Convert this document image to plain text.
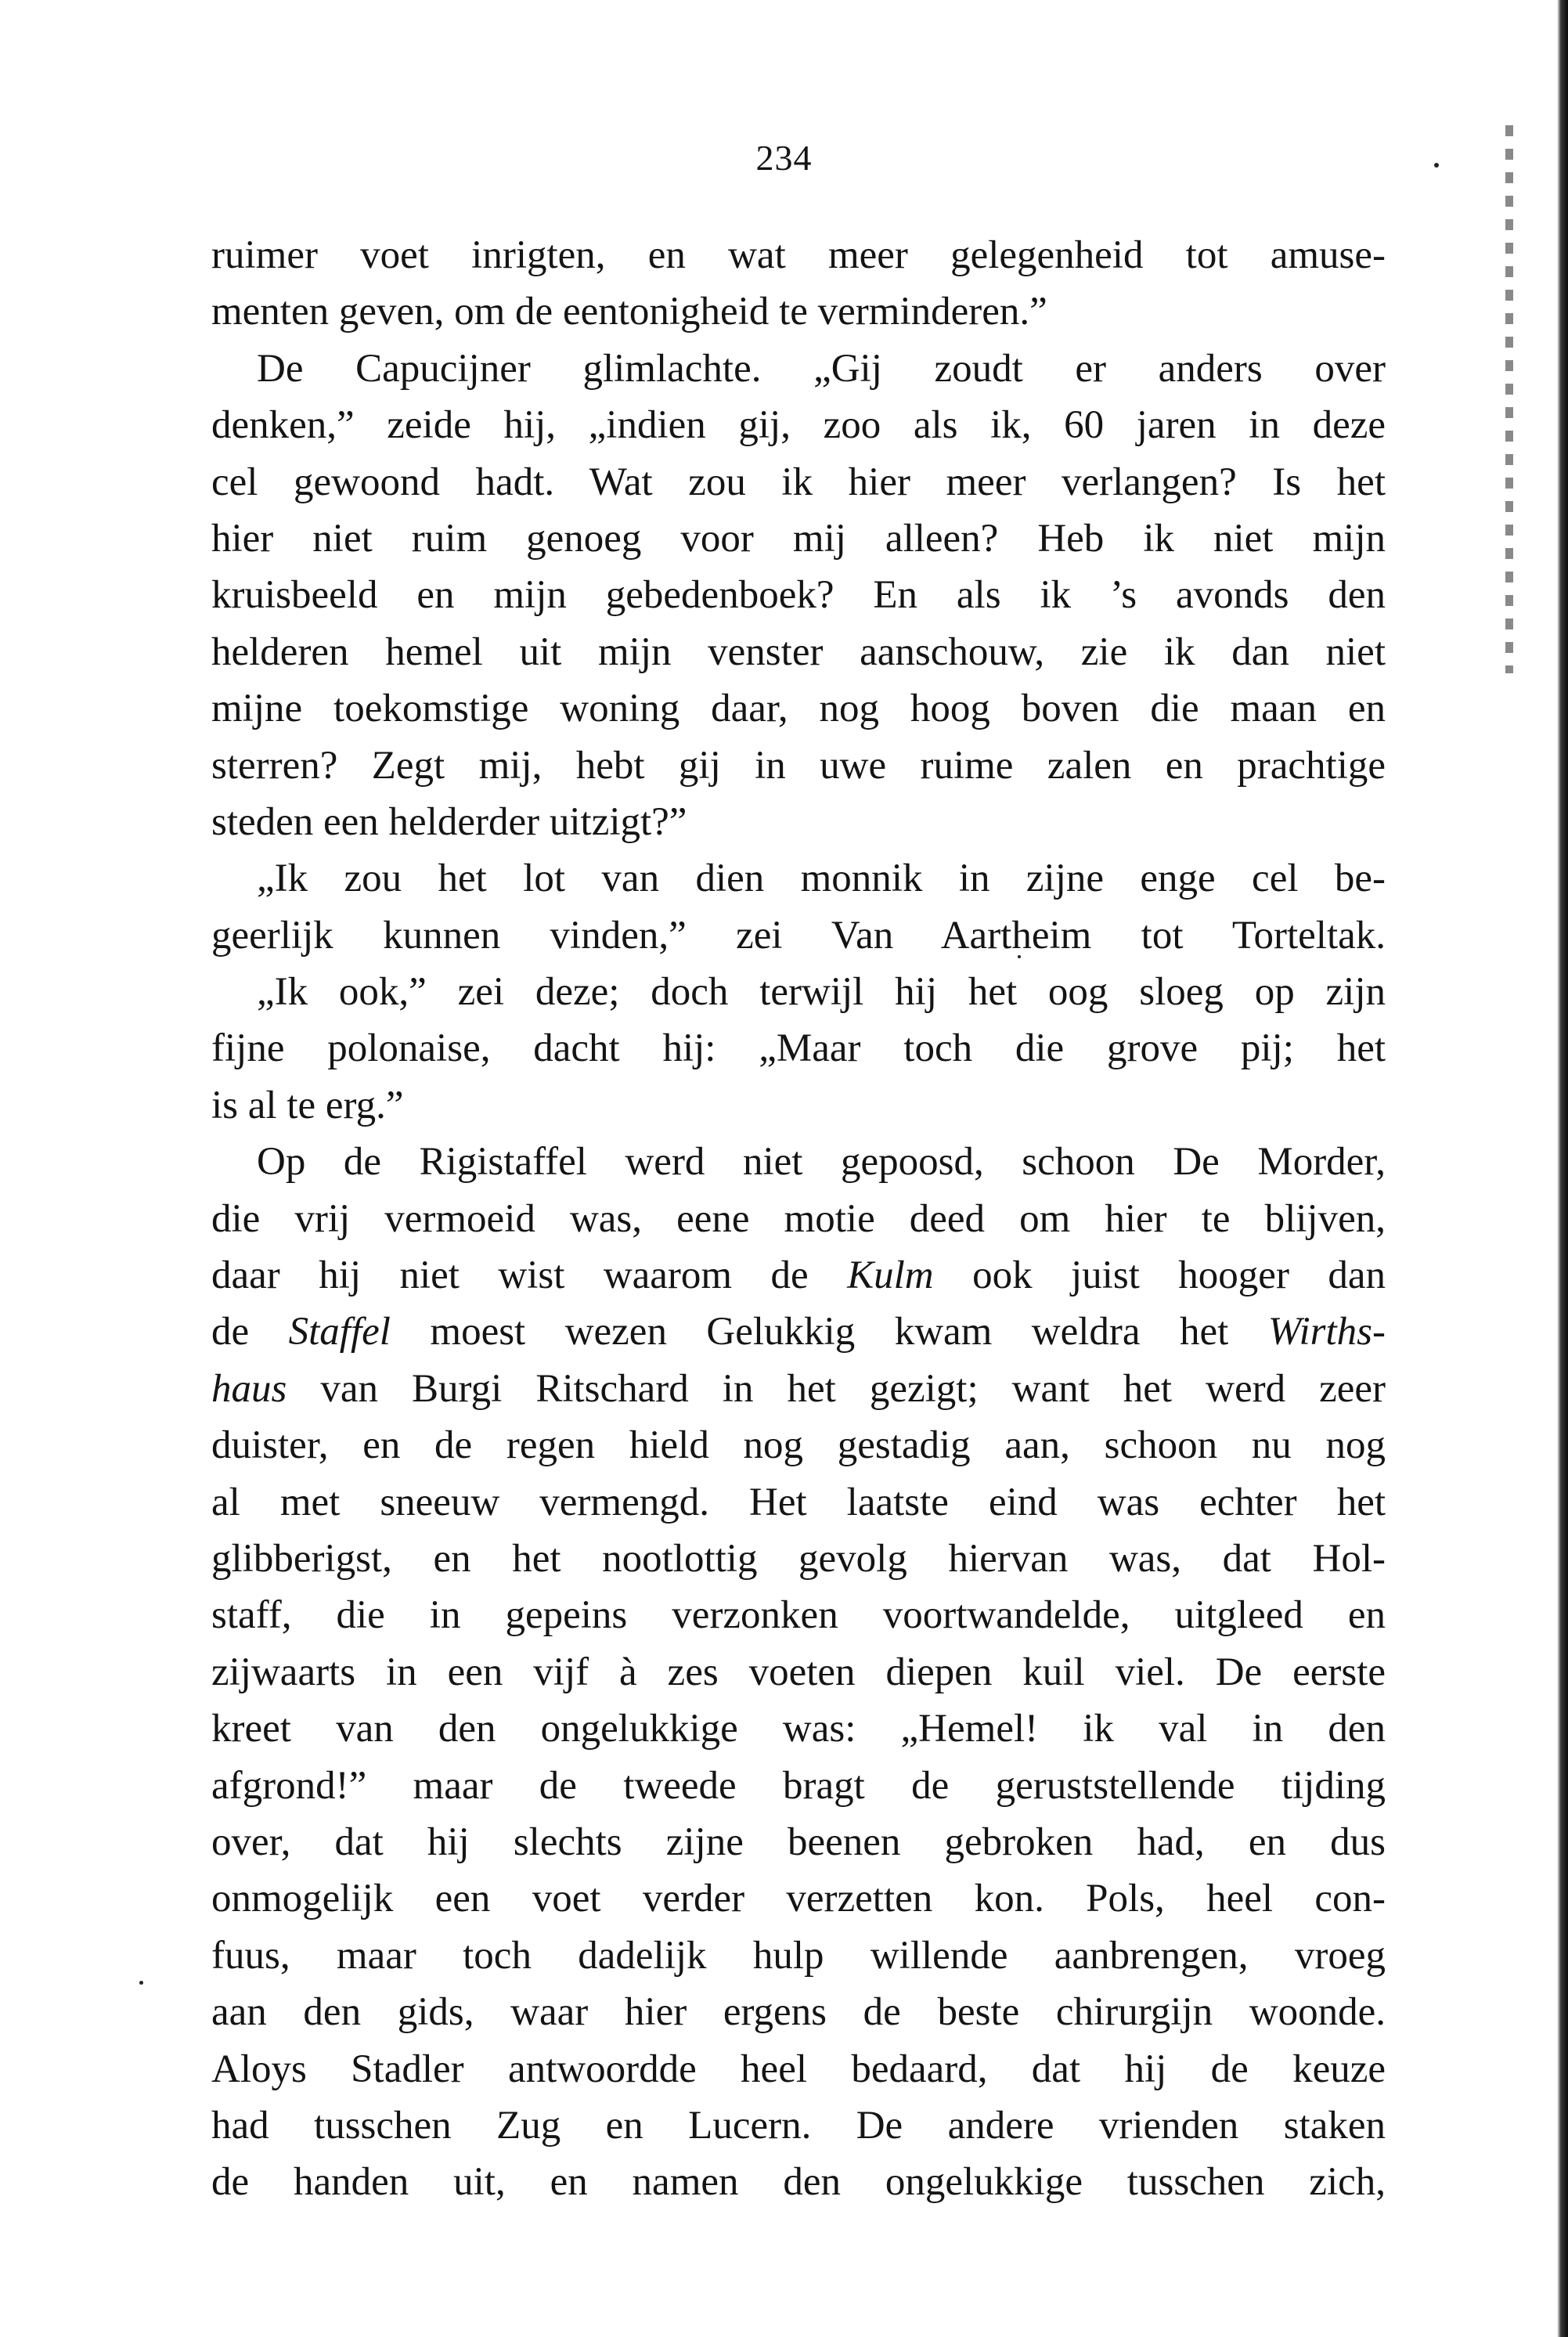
234
ruimer voet inrigten, en wat meer gelegenheid tot amuse-
menten geven, om de eentonigheid te verminderen.”
De Capucijner glimlachte. „Gij zoudt er anders over
denken,” zeide hij, „indien gij, zoo als ik, 60 jaren in deze
cel gewoond hadt. Wat zou ik hier meer verlangen? Is het
hier niet ruim genoeg voor mij alleen? Heb ik niet mijn
kruisbeeld en mijn gebedenboek? En als ik ’s avonds den
helderen hemel uit mijn venster aanschouw, zie ik dan niet
mijne toekomstige woning daar, nog hoog boven die maan en
sterren? Zegt mij, hebt gij in uwe ruime zalen en prachtige
steden een helderder uitzigt?”
„Ik zou het lot van dien monnik in zijne enge cel be-
geerlijk kunnen vinden,” zei Van Aartheim tot Torteltak.
„Ik ook,” zei deze; doch terwijl hij het oog sloeg op zijn
fijne polonaise, dacht hij: „Maar toch die grove pij; het
is al te erg.”
Op de Rigistaffel werd niet gepoosd, schoon De Morder,
die vrij vermoeid was, eene motie deed om hier te blijven,
daar hij niet wist waarom de Kulm ook juist hooger dan
de Staffel moest wezen Gelukkig kwam weldra het Wirths-
haus van Burgi Ritschard in het gezigt; want het werd zeer
duister, en de regen hield nog gestadig aan, schoon nu nog
al met sneeuw vermengd. Het laatste eind was echter het
glibberigst, en het nootlottig gevolg hiervan was, dat Hol-
staff, die in gepeins verzonken voortwandelde, uitgleed en
zijwaarts in een vijf à zes voeten diepen kuil viel. De eerste
kreet van den ongelukkige was: „Hemel! ik val in den
afgrond!” maar de tweede bragt de geruststellende tijding
over, dat hij slechts zijne beenen gebroken had, en dus
onmogelijk een voet verder verzetten kon. Pols, heel con-
fuus, maar toch dadelijk hulp willende aanbrengen, vroeg
aan den gids, waar hier ergens de beste chirurgijn woonde.
Aloys Stadler antwoordde heel bedaard, dat hij de keuze
had tusschen Zug en Lucern. De andere vrienden staken
de handen uit, en namen den ongelukkige tusschen zich,
